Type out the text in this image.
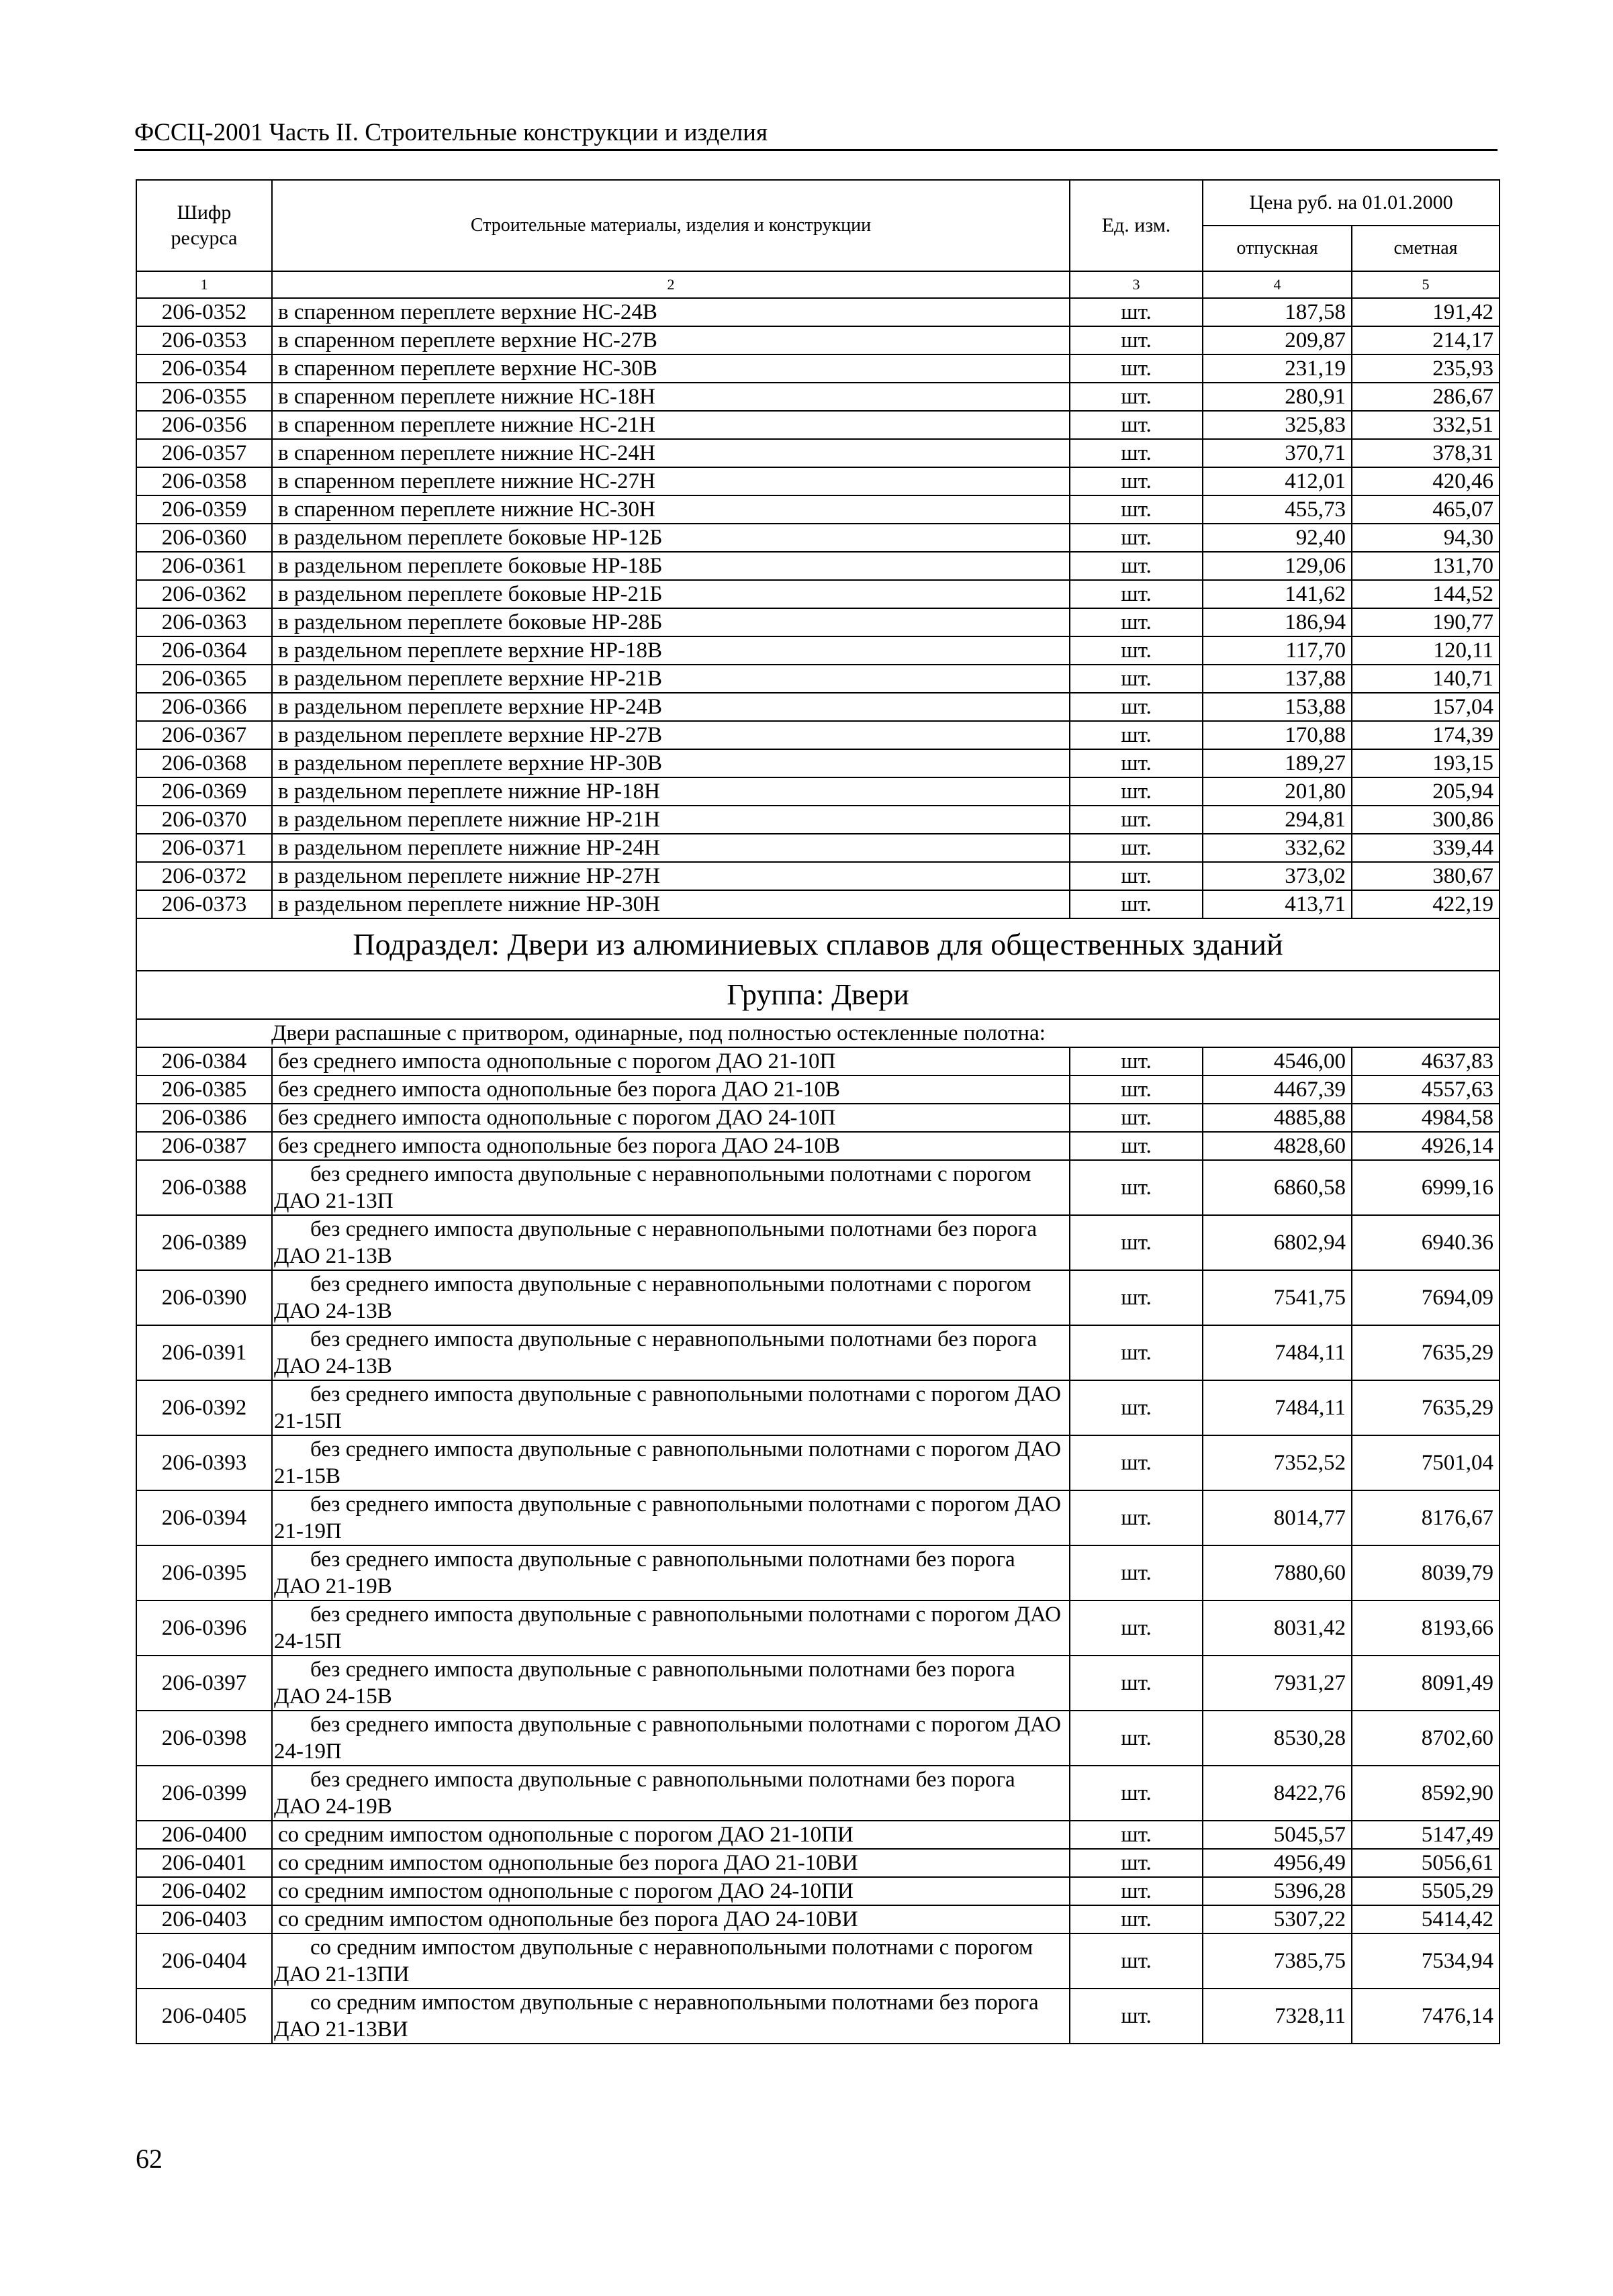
ФССЦ-2001 Часть II. Строительные конструкции и изделия
Шифр ресурса	Строительные материалы, изделия и конструкции	Ед. изм.	Цена руб. на 01.01.2000	
			отпускная	сметная
1	2	3	4	5
206-0352	в спаренном переплете верхние НС-24В	шт.	187,58	191,42
206-0353	в спаренном переплете верхние НС-27В	шт.	209,87	214,17
206-0354	в спаренном переплете верхние НС-30В	шт.	231,19	235,93
206-0355	в спаренном переплете нижние НС-18Н	шт.	280,91	286,67
206-0356	в спаренном переплете нижние НС-21Н	шт.	325,83	332,51
206-0357	в спаренном переплете нижние НС-24Н	шт.	370,71	378,31
206-0358	в спаренном переплете нижние НС-27Н	шт.	412,01	420,46
206-0359	в спаренном переплете нижние НС-30Н	шт.	455,73	465,07
206-0360	в раздельном переплете боковые НР-12Б	шт.	92,40	94,30
206-0361	в раздельном переплете боковые НР-18Б	шт.	129,06	131,70
206-0362	в раздельном переплете боковые НР-21Б	шт.	141,62	144,52
206-0363	в раздельном переплете боковые НР-28Б	шт.	186,94	190,77
206-0364	в раздельном переплете верхние НР-18В	шт.	117,70	120,11
206-0365	в раздельном переплете верхние НР-21В	шт.	137,88	140,71
206-0366	в раздельном переплете верхние НР-24В	шт.	153,88	157,04
206-0367	в раздельном переплете верхние НР-27В	шт.	170,88	174,39
206-0368	в раздельном переплете верхние НР-30В	шт.	189,27	193,15
206-0369	в раздельном переплете нижние НР-18Н	шт.	201,80	205,94
206-0370	в раздельном переплете нижние НР-21Н	шт.	294,81	300,86
206-0371	в раздельном переплете нижние НР-24Н	шт.	332,62	339,44
206-0372	в раздельном переплете нижние НР-27Н	шт.	373,02	380,67
206-0373	в раздельном переплете нижние НР-30Н	шт.	413,71	422,19
Подраздел: Двери из алюминиевых сплавов для общественных зданий				
Группа: Двери				
Двери распашные с притвором, одинарные, под полностью остекленные полотна:				
206-0384	без среднего импоста однопольные с порогом ДАО 21-10П	шт.	4546,00	4637,83
206-0385	без среднего импоста однопольные без порога ДАО 21-10В	шт.	4467,39	4557,63
206-0386	без среднего импоста однопольные с порогом ДАО 24-10П	шт.	4885,88	4984,58
206-0387	без среднего импоста однопольные без порога ДАО 24-10В	шт.	4828,60	4926,14
206-0388	без среднего импоста двупольные с неравнопольными полотнами с порогом ДАО 21-13П	шт.	6860,58	6999,16
206-0389	без среднего импоста двупольные с неравнопольными полотнами без порога ДАО 21-13В	шт.	6802,94	6940.36
206-0390	без среднего импоста двупольные с неравнопольными полотнами с порогом ДАО 24-13В	шт.	7541,75	7694,09
206-0391	без среднего импоста двупольные с неравнопольными полотнами без порога ДАО 24-13В	шт.	7484,11	7635,29
206-0392	без среднего импоста двупольные с равнопольными полотнами с порогом ДАО 21-15П	шт.	7484,11	7635,29
206-0393	без среднего импоста двупольные с равнопольными полотнами с порогом ДАО 21-15В	шт.	7352,52	7501,04
206-0394	без среднего импоста двупольные с равнопольными полотнами с порогом ДАО 21-19П	шт.	8014,77	8176,67
206-0395	без среднего импоста двупольные с равнопольными полотнами без порога ДАО 21-19В	шт.	7880,60	8039,79
206-0396	без среднего импоста двупольные с равнопольными полотнами с порогом ДАО 24-15П	шт.	8031,42	8193,66
206-0397	без среднего импоста двупольные с равнопольными полотнами без порога ДАО 24-15В	шт.	7931,27	8091,49
206-0398	без среднего импоста двупольные с равнопольными полотнами с порогом ДАО 24-19П	шт.	8530,28	8702,60
206-0399	без среднего импоста двупольные с равнопольными полотнами без порога ДАО 24-19В	шт.	8422,76	8592,90
206-0400	со средним импостом однопольные с порогом ДАО 21-10ПИ	шт.	5045,57	5147,49
206-0401	со средним импостом однопольные без порога ДАО 21-10ВИ	шт.	4956,49	5056,61
206-0402	со средним импостом однопольные с порогом ДАО 24-10ПИ	шт.	5396,28	5505,29
206-0403	со средним импостом однопольные без порога ДАО 24-10ВИ	шт.	5307,22	5414,42
206-0404	со средним импостом двупольные с неравнопольными полотнами с порогом ДАО 21-13ПИ	шт.	7385,75	7534,94
206-0405	со средним импостом двупольные с неравнопольными полотнами без порога ДАО 21-13ВИ	шт.	7328,11	7476,14
62
